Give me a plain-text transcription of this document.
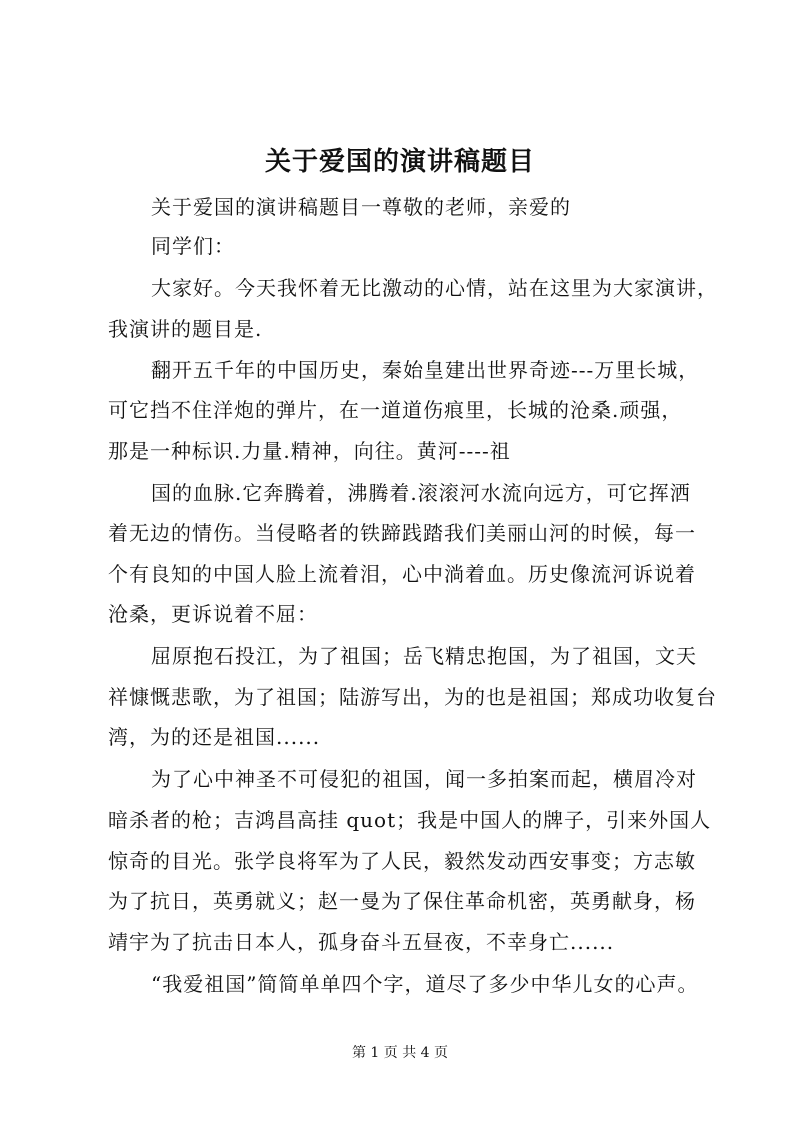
关于爱国的演讲稿题目
关于爱国的演讲稿题目一尊敬的老师，亲爱的
同学们：
大家好。今天我怀着无比激动的心情，站在这里为大家演讲，
我演讲的题目是.
翻开五千年的中国历史，秦始皇建出世界奇迹---万里长城，
可它挡不住洋炮的弹片，在一道道伤痕里，长城的沧桑.顽强，
那是一种标识.力量.精神，向往。黄河----祖
国的血脉.它奔腾着，沸腾着.滚滚河水流向远方，可它挥洒
着无边的情伤。当侵略者的铁蹄践踏我们美丽山河的时候，每一
个有良知的中国人脸上流着泪，心中淌着血。历史像流河诉说着
沧桑，更诉说着不屈：
屈原抱石投江，为了祖国；岳飞精忠抱国，为了祖国，文天
祥慷慨悲歌，为了祖国；陆游写出，为的也是祖国；郑成功收复台
湾，为的还是祖国......
为了心中神圣不可侵犯的祖国，闻一多拍案而起，横眉冷对
暗杀者的枪；吉鸿昌高挂 quot；我是中国人的牌子，引来外国人
惊奇的目光。张学良将军为了人民，毅然发动西安事变；方志敏
为了抗日，英勇就义；赵一曼为了保住革命机密，英勇献身，杨
靖宇为了抗击日本人，孤身奋斗五昼夜，不幸身亡......
“我爱祖国”简简单单四个字，道尽了多少中华儿女的心声。
第 1 页 共 4 页
